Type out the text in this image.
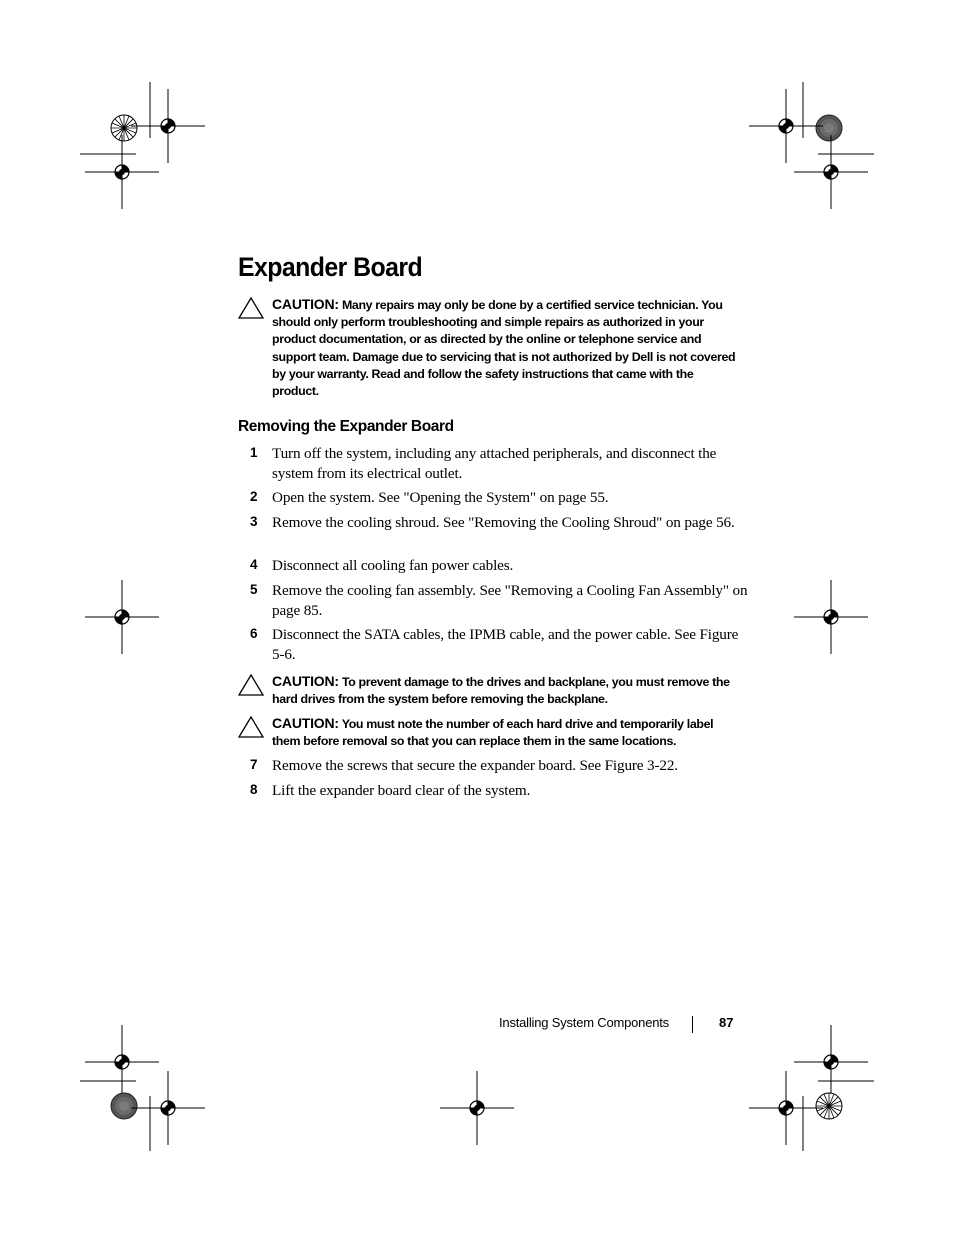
Expander Board
CAUTION: Many repairs may only be done by a certified service technician. You should only perform troubleshooting and simple repairs as authorized in your product documentation, or as directed by the online or telephone service and support team. Damage due to servicing that is not authorized by Dell is not covered by your warranty. Read and follow the safety instructions that came with the product.
Removing the Expander Board
1 Turn off the system, including any attached peripherals, and disconnect the system from its electrical outlet.
2 Open the system. See "Opening the System" on page 55.
3 Remove the cooling shroud. See "Removing the Cooling Shroud" on page 56.
4 Disconnect all cooling fan power cables.
5 Remove the cooling fan assembly. See "Removing a Cooling Fan Assembly" on page 85.
6 Disconnect the SATA cables, the IPMB cable, and the power cable. See Figure 5-6.
CAUTION: To prevent damage to the drives and backplane, you must remove the hard drives from the system before removing the backplane.
CAUTION: You must note the number of each hard drive and temporarily label them before removal so that you can replace them in the same locations.
7 Remove the screws that secure the expander board. See Figure 3-22.
8 Lift the expander board clear of the system.
Installing System Components	87
